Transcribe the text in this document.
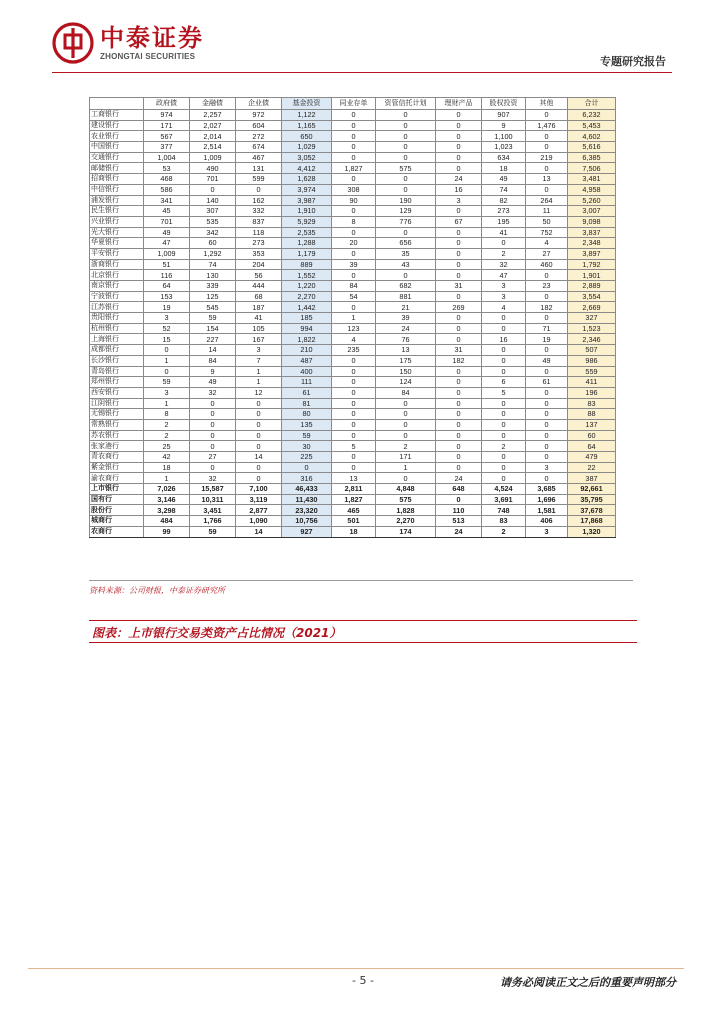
中泰证券
ZHONGTAI SECURITIES	专题研究报告
	政府债	金融债	企业债	基金投资	同业存单	资管信托计划	理财产品	股权投资	其他	合计
工商银行	974	2,257	972	1,122	0	0	0	907	0	6,232
建设银行	171	2,027	604	1,165	0	0	0	9	1,476	5,453
农业银行	567	2,014	272	650	0	0	0	1,100	0	4,602
中国银行	377	2,514	674	1,029	0	0	0	1,023	0	5,616
交通银行	1,004	1,009	467	3,052	0	0	0	634	219	6,385
邮储银行	53	490	131	4,412	1,827	575	0	18	0	7,506
招商银行	468	701	599	1,628	0	0	24	49	13	3,481
中信银行	586	0	0	3,974	308	0	16	74	0	4,958
浦发银行	341	140	162	3,987	90	190	3	82	264	5,260
民生银行	45	307	332	1,910	0	129	0	273	11	3,007
兴业银行	701	535	837	5,929	8	776	67	195	50	9,098
光大银行	49	342	118	2,535	0	0	0	41	752	3,837
华夏银行	47	60	273	1,288	20	656	0	0	4	2,348
平安银行	1,009	1,292	353	1,179	0	35	0	2	27	3,897
浙商银行	51	74	204	889	39	43	0	32	460	1,792
北京银行	116	130	56	1,552	0	0	0	47	0	1,901
南京银行	64	339	444	1,220	84	682	31	3	23	2,889
宁波银行	153	125	68	2,270	54	881	0	3	0	3,554
江苏银行	19	545	187	1,442	0	21	269	4	182	2,669
贵阳银行	3	59	41	185	1	39	0	0	0	327
杭州银行	52	154	105	994	123	24	0	0	71	1,523
上海银行	15	227	167	1,822	4	76	0	16	19	2,346
成都银行	0	14	3	210	235	13	31	0	0	507
长沙银行	1	84	7	487	0	175	182	0	49	986
青岛银行	0	9	1	400	0	150	0	0	0	559
郑州银行	59	49	1	111	0	124	0	6	61	411
西安银行	3	32	12	61	0	84	0	5	0	196
江阴银行	1	0	0	81	0	0	0	0	0	83
无锡银行	8	0	0	80	0	0	0	0	0	88
常熟银行	2	0	0	135	0	0	0	0	0	137
苏农银行	2	0	0	59	0	0	0	0	0	60
张家港行	25	0	0	30	5	2	0	2	0	64
青农商行	42	27	14	225	0	171	0	0	0	479
紫金银行	18	0	0	0	0	1	0	0	3	22
渝农商行	1	32	0	316	13	0	24	0	0	387
上市银行	7,026	15,587	7,100	46,433	2,811	4,848	648	4,524	3,685	92,661
国有行	3,146	10,311	3,119	11,430	1,827	575	0	3,691	1,696	35,795
股份行	3,298	3,451	2,877	23,320	465	1,828	110	748	1,581	37,678
城商行	484	1,766	1,090	10,756	501	2,270	513	83	406	17,868
农商行	99	59	14	927	18	174	24	2	3	1,320
资料来源：公司财报，中泰证券研究所
图表：上市银行交易类资产占比情况（2021）
- 5 -	请务必阅读正文之后的重要声明部分
